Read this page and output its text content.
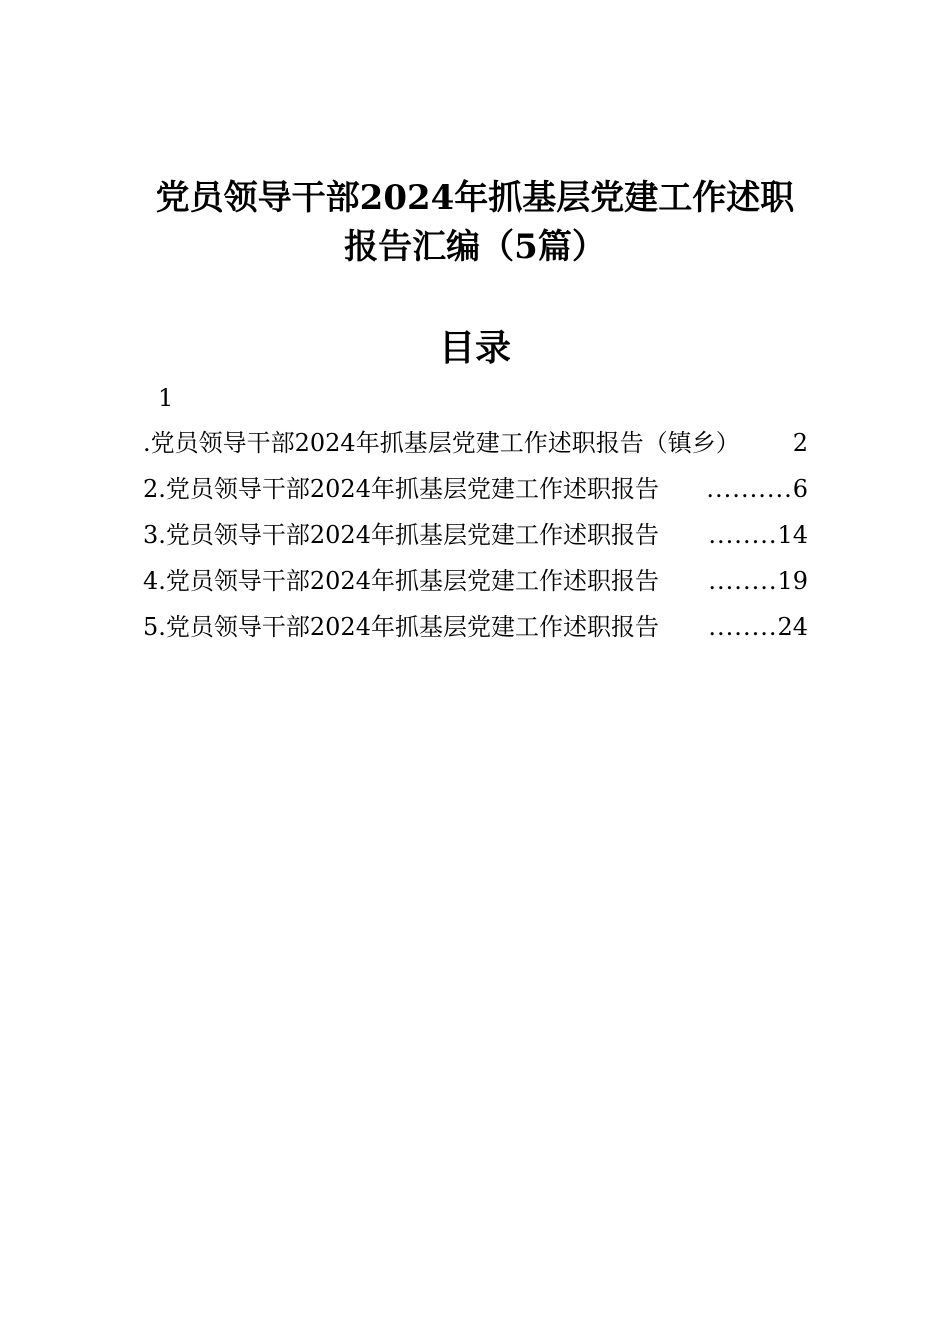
党员领导干部2024年抓基层党建工作述职
报告汇编（5篇）
目录
1
.党员领导干部2024年抓基层党建工作述职报告（镇乡） 2
2.党员领导干部2024年抓基层党建工作述职报告	.......... 6
3.党员领导干部2024年抓基层党建工作述职报告	........ 14
4.党员领导干部2024年抓基层党建工作述职报告	........ 19
5.党员领导干部2024年抓基层党建工作述职报告	........ 24
